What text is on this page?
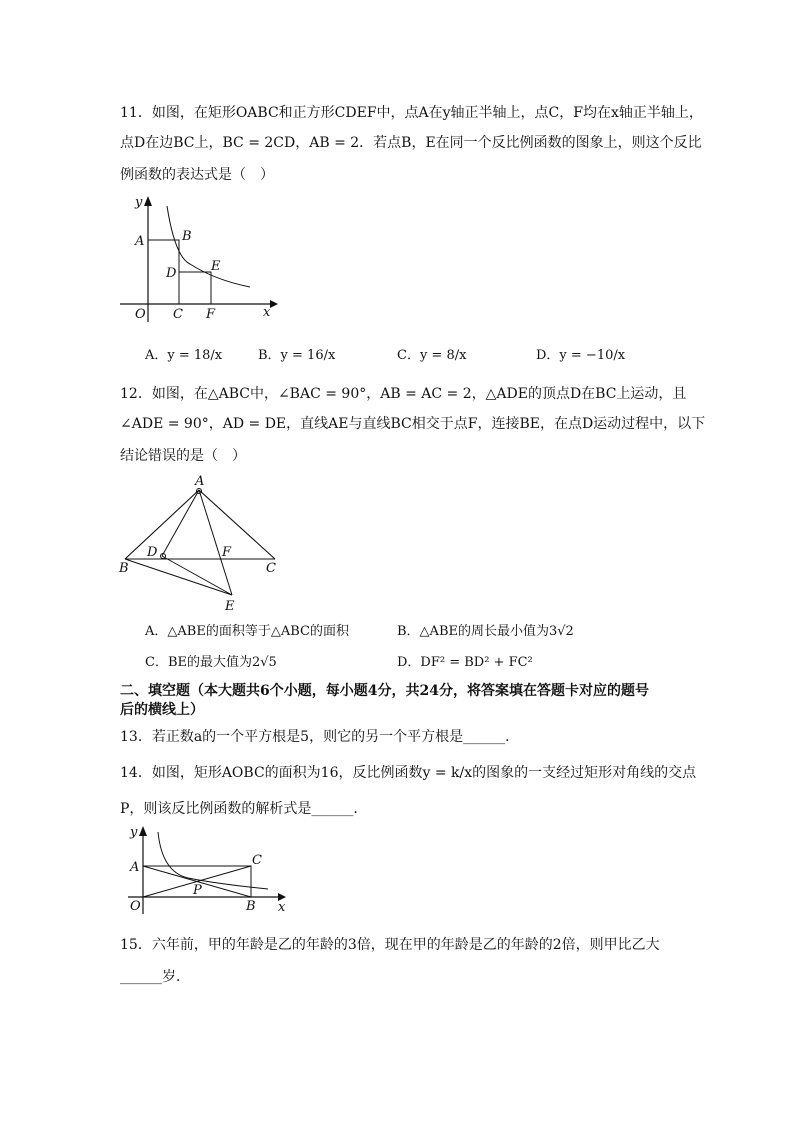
11．如图，在矩形OABC和正方形CDEF中，点A在y轴正半轴上，点C，F均在x轴正半轴上，
点D在边BC上，BC = 2CD，AB = 2．若点B，E在同一个反比例函数的图象上，则这个反比
例函数的表达式是（　）
y
x
O
A	B
C
D	E
F
A．y = 18/x	B．y = 16/x	C．y = 8/x	D．y = −10/x
12．如图，在△ABC中，∠BAC = 90°，AB = AC = 2，△ADE的顶点D在BC上运动，且
∠ADE = 90°，AD = DE，直线AE与直线BC相交于点F，连接BE，在点D运动过程中，以下
结论错误的是（　）
A
B	C
D
E
F
A．△ABE的面积等于△ABC的面积	B．△ABE的周长最小值为3√2
C．BE的最大值为2√5	D．DF² = BD² + FC²
二、填空题（本大题共6个小题，每小题4分，共24分，将答案填在答题卡对应的题号
后的横线上）
13．若正数a的一个平方根是5，则它的另一个平方根是______．
14．如图，矩形AOBC的面积为16，反比例函数y = k/x的图象的一支经过矩形对角线的交点
P，则该反比例函数的解析式是______．
y
x
O
A
B
C
P
15．六年前，甲的年龄是乙的年龄的3倍，现在甲的年龄是乙的年龄的2倍，则甲比乙大
______岁．
